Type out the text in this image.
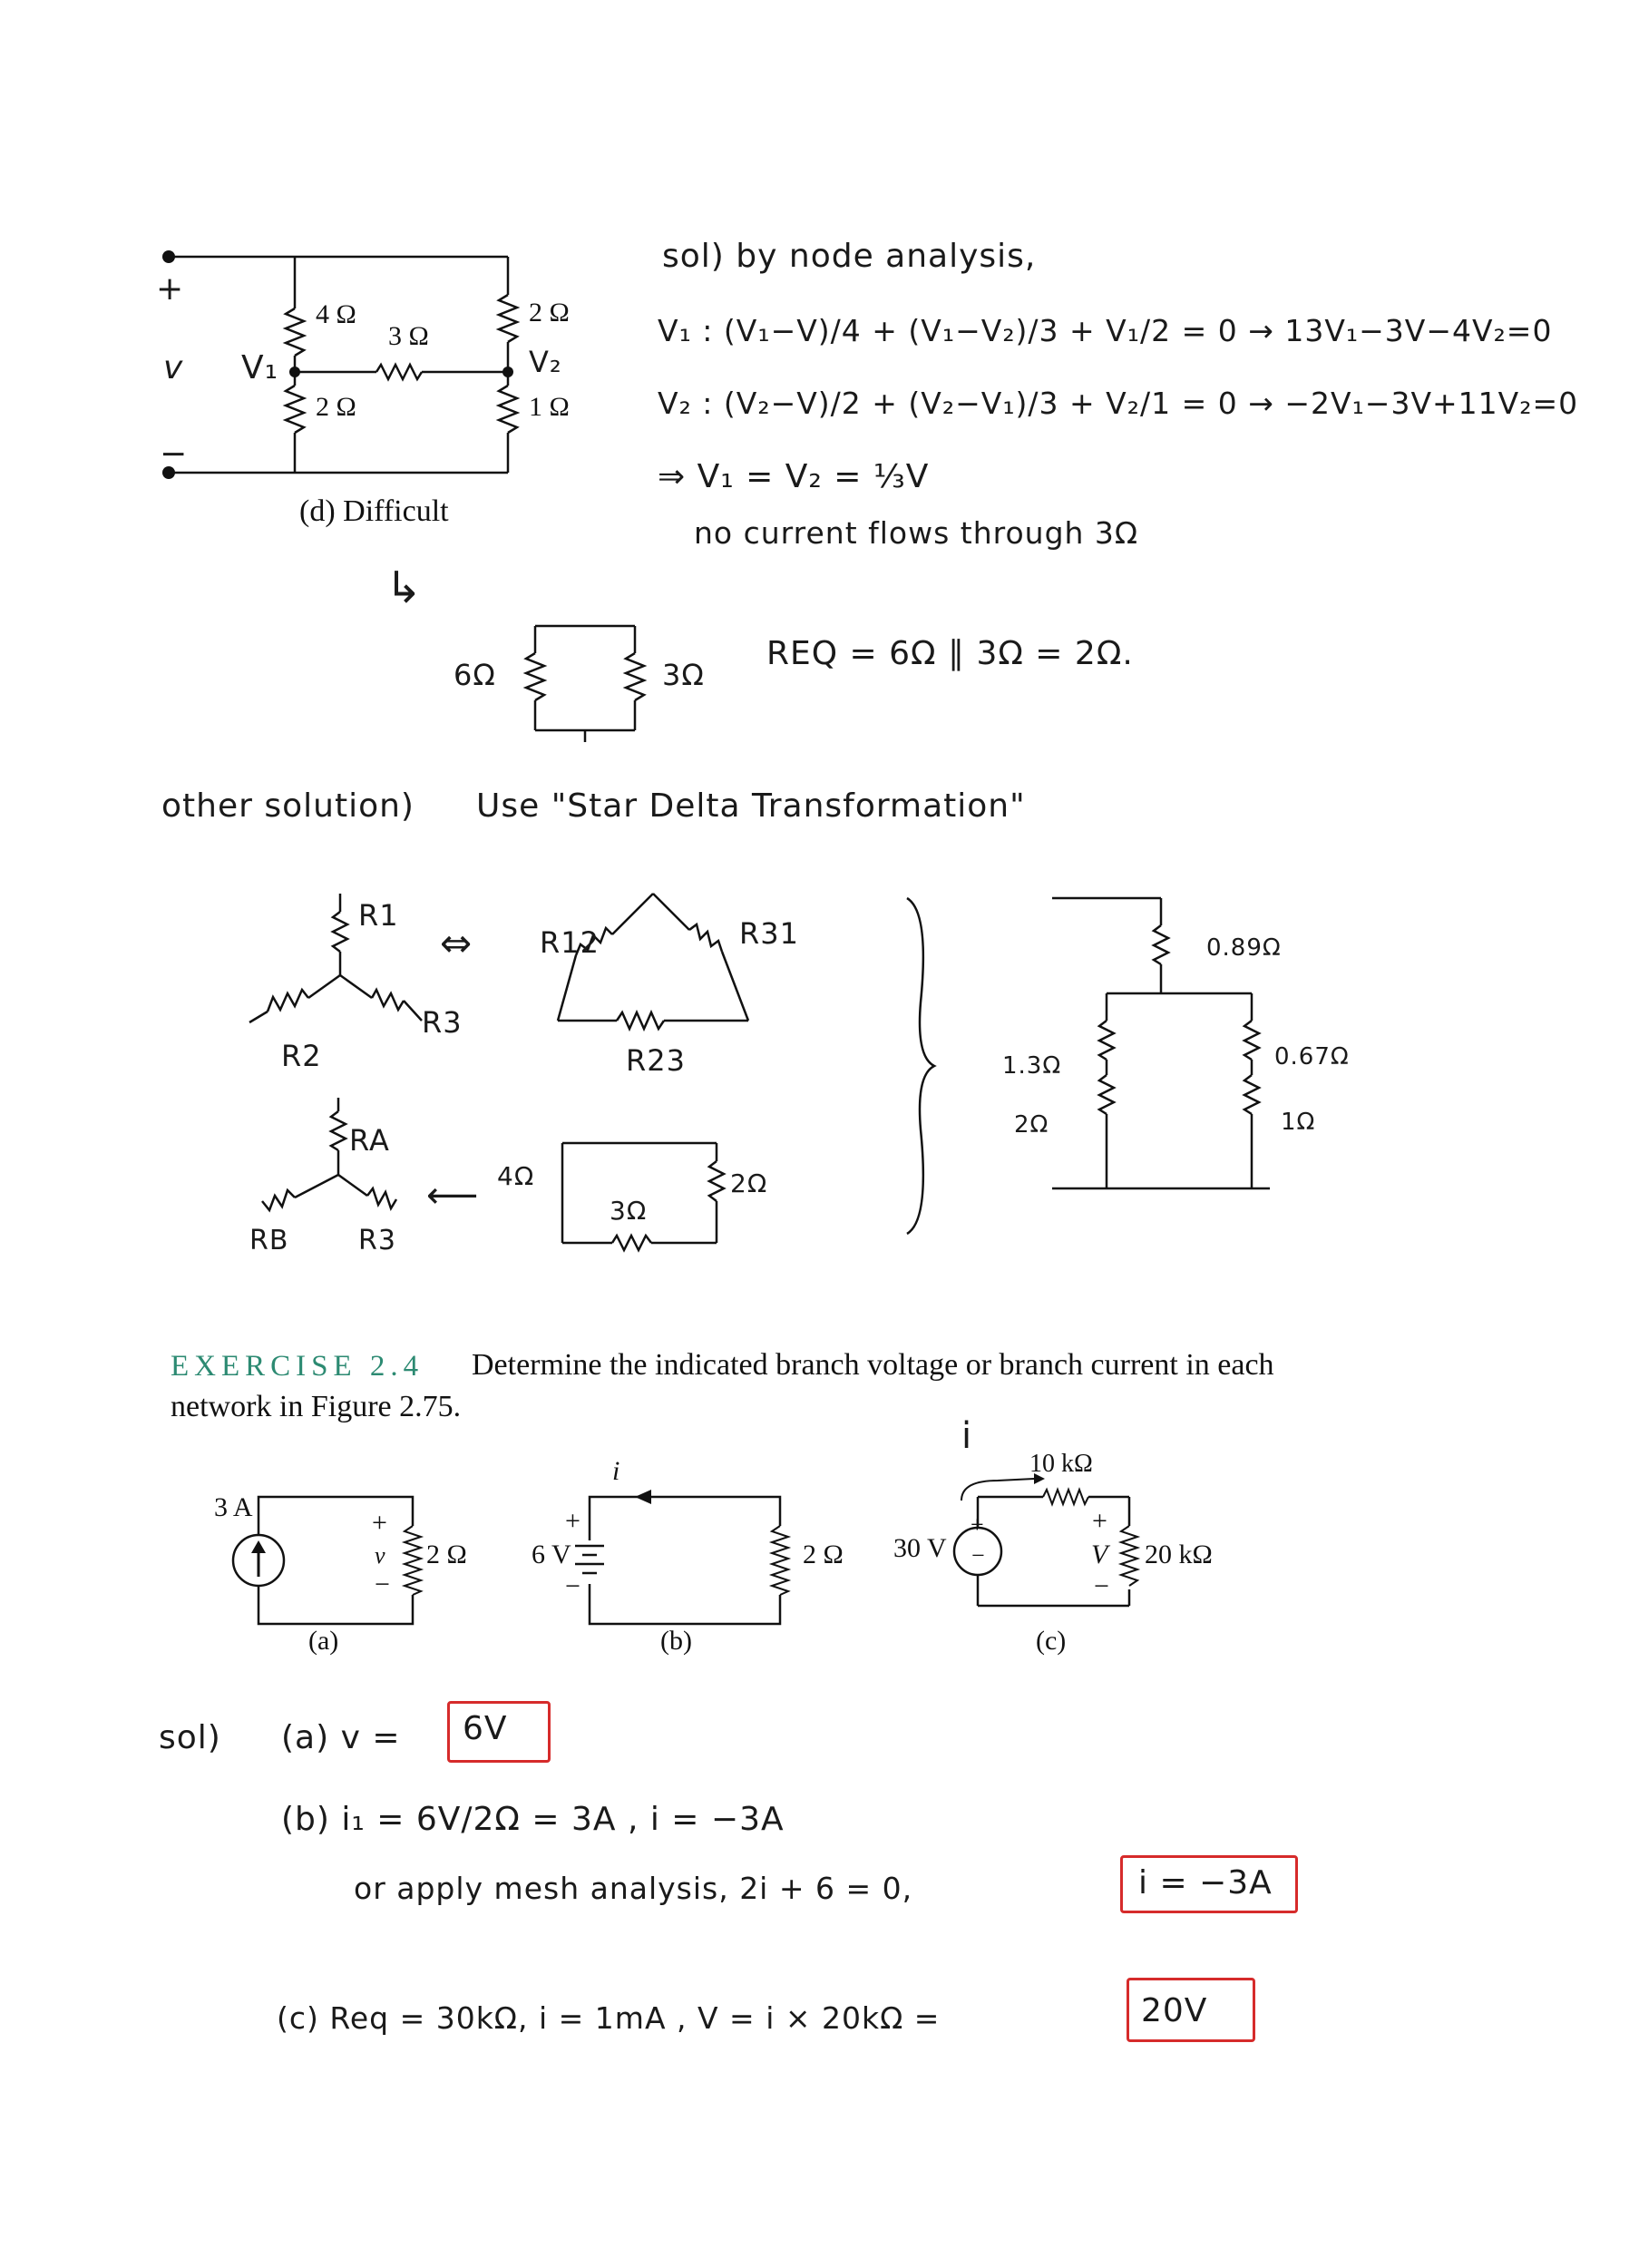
+
v
−
V₁
4 Ω
3 Ω
2 Ω
2 Ω
V₂
1 Ω
(d) Difficult
sol) by node analysis,
V₁ : (V₁−V)/4 + (V₁−V₂)/3 + V₁/2 = 0 → 13V₁−3V−4V₂=0
V₂ : (V₂−V)/2 + (V₂−V₁)/3 + V₂/1 = 0 → −2V₁−3V+11V₂=0
⇒ V₁ = V₂ = ⅓V
no current flows through 3Ω
↳
6Ω	3Ω
REQ = 6Ω ∥ 3Ω = 2Ω.
other solution) Use "Star Delta Transformation"
R1
R2
R3
⇔ R12	R31
R23
RA
RB	R3
⟵ 4Ω
3Ω
2Ω
0.89Ω
0.67Ω
1.3Ω
2Ω	1Ω
EXERCISE 2.4 Determine the indicated branch voltage or branch current in each
network in Figure 2.75.
3 A
+
v
−
2 Ω
(a)
i
+
6 V
−
2 Ω
(b)
i
10 kΩ
30 V
+
−
+
V
−
20 kΩ
(c)
sol) (a) v = 6V
(b) i₁ = 6V/2Ω = 3A , i = −3A
or apply mesh analysis, 2i + 6 = 0,	i = −3A
(c) Req = 30kΩ, i = 1mA , V = i × 20kΩ =	20V
